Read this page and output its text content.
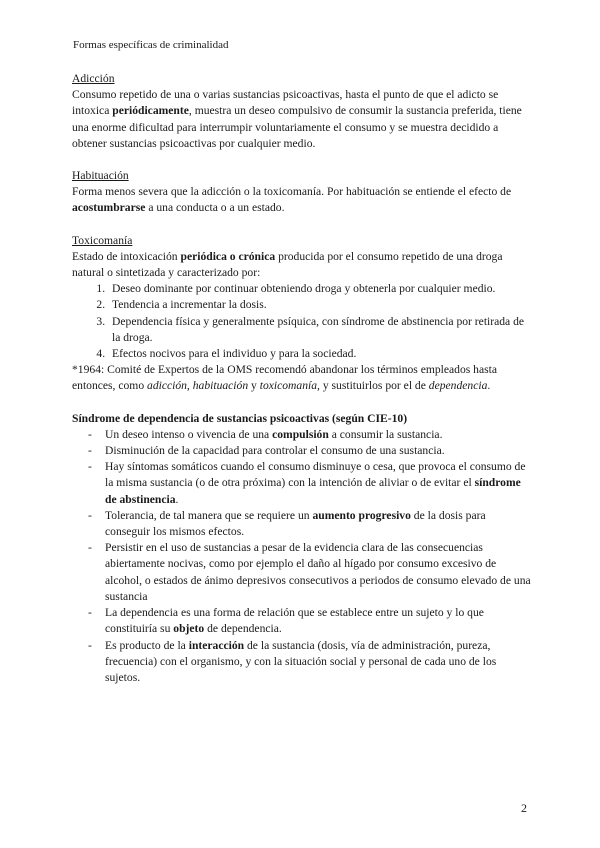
Formas específicas de criminalidad
Adicción

Consumo repetido de una o varias sustancias psicoactivas, hasta el punto de que el adicto se intoxica periódicamente, muestra un deseo compulsivo de consumir la sustancia preferida, tiene una enorme dificultad para interrumpir voluntariamente el consumo y se muestra decidido a obtener sustancias psicoactivas por cualquier medio.

Habituación

Forma menos severa que la adicción o la toxicomanía. Por habituación se entiende el efecto de acostumbrarse a una conducta o a un estado.

Toxicomanía

Estado de intoxicación periódica o crónica producida por el consumo repetido de una droga natural o sintetizada y caracterizado por:

1. Deseo dominante por continuar obteniendo droga y obtenerla por cualquier medio.
2. Tendencia a incrementar la dosis.
3. Dependencia física y generalmente psíquica, con síndrome de abstinencia por retirada de la droga.
4. Efectos nocivos para el individuo y para la sociedad.

*1964: Comité de Expertos de la OMS recomendó abandonar los términos empleados hasta entonces, como adicción, habituación y toxicomanía, y sustituirlos por el de dependencia.

Síndrome de dependencia de sustancias psicoactivas (según CIE-10)
- Un deseo intenso o vivencia de una compulsión a consumir la sustancia.
- Disminución de la capacidad para controlar el consumo de una sustancia.
- Hay síntomas somáticos cuando el consumo disminuye o cesa, que provoca el consumo de la misma sustancia (o de otra próxima) con la intención de aliviar o de evitar el síndrome de abstinencia.
- Tolerancia, de tal manera que se requiere un aumento progresivo de la dosis para conseguir los mismos efectos.
- Persistir en el uso de sustancias a pesar de la evidencia clara de las consecuencias abiertamente nocivas, como por ejemplo el daño al hígado por consumo excesivo de alcohol, o estados de ánimo depresivos consecutivos a periodos de consumo elevado de una sustancia
- La dependencia es una forma de relación que se establece entre un sujeto y lo que constituiría su objeto de dependencia.
- Es producto de la interacción de la sustancia (dosis, vía de administración, pureza, frecuencia) con el organismo, y con la situación social y personal de cada uno de los sujetos.
2
